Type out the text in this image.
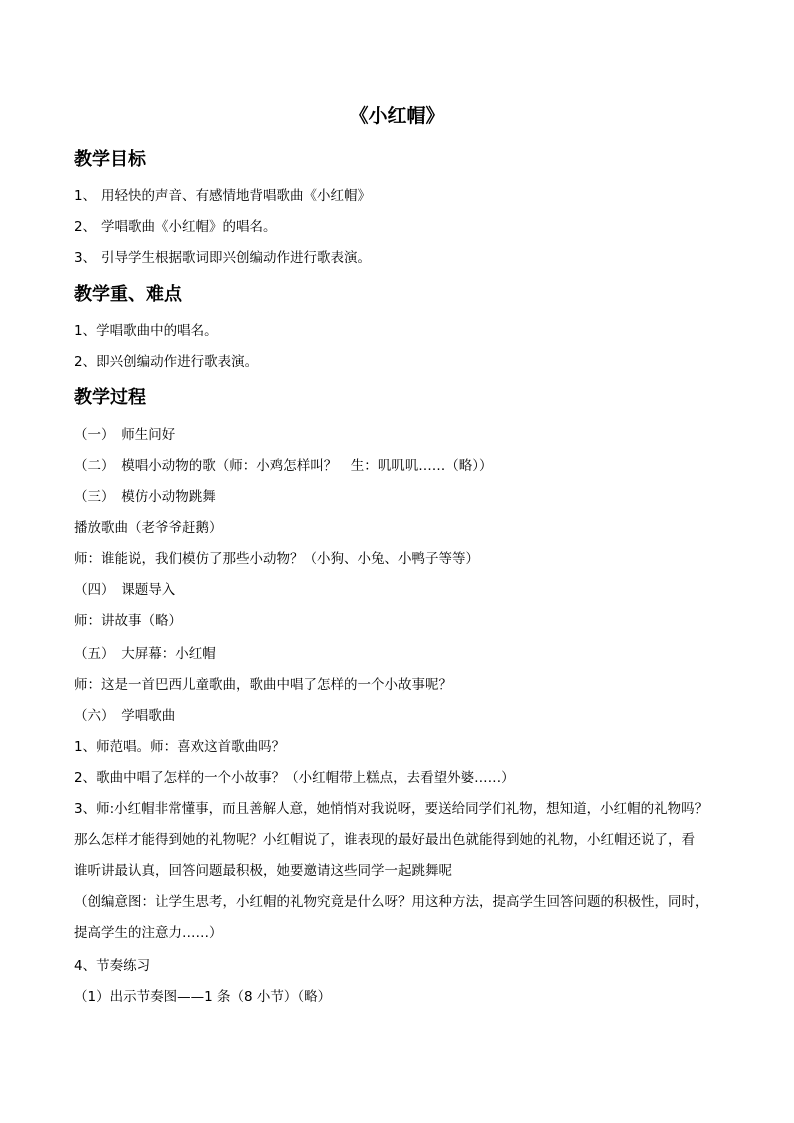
《小红帽》
教学目标
1、 用轻快的声音、有感情地背唱歌曲《小红帽》
2、 学唱歌曲《小红帽》的唱名。
3、 引导学生根据歌词即兴创编动作进行歌表演。
教学重、难点
1、学唱歌曲中的唱名。
2、即兴创编动作进行歌表演。
教学过程
（一）　师生问好
（二）　模唱小动物的歌（师：小鸡怎样叫？　生：叽叽叽……（略））
（三）　模仿小动物跳舞
播放歌曲（老爷爷赶鹅）
师：谁能说，我们模仿了那些小动物？（小狗、小兔、小鸭子等等）
（四）　课题导入
师：讲故事（略）
（五）　大屏幕：小红帽
师：这是一首巴西儿童歌曲，歌曲中唱了怎样的一个小故事呢？
（六）　学唱歌曲
1、师范唱。师：喜欢这首歌曲吗？
2、歌曲中唱了怎样的一个小故事？（小红帽带上糕点，去看望外婆……）
3、师:小红帽非常懂事，而且善解人意，她悄悄对我说呀，要送给同学们礼物，想知道，小红帽的礼物吗？
那么怎样才能得到她的礼物呢？小红帽说了，谁表现的最好最出色就能得到她的礼物，小红帽还说了，看
谁听讲最认真，回答问题最积极，她要邀请这些同学一起跳舞呢
（创编意图：让学生思考，小红帽的礼物究竟是什么呀？用这种方法，提高学生回答问题的积极性，同时，
提高学生的注意力……）
4、节奏练习
（1）出示节奏图——1 条（8 小节）（略）
